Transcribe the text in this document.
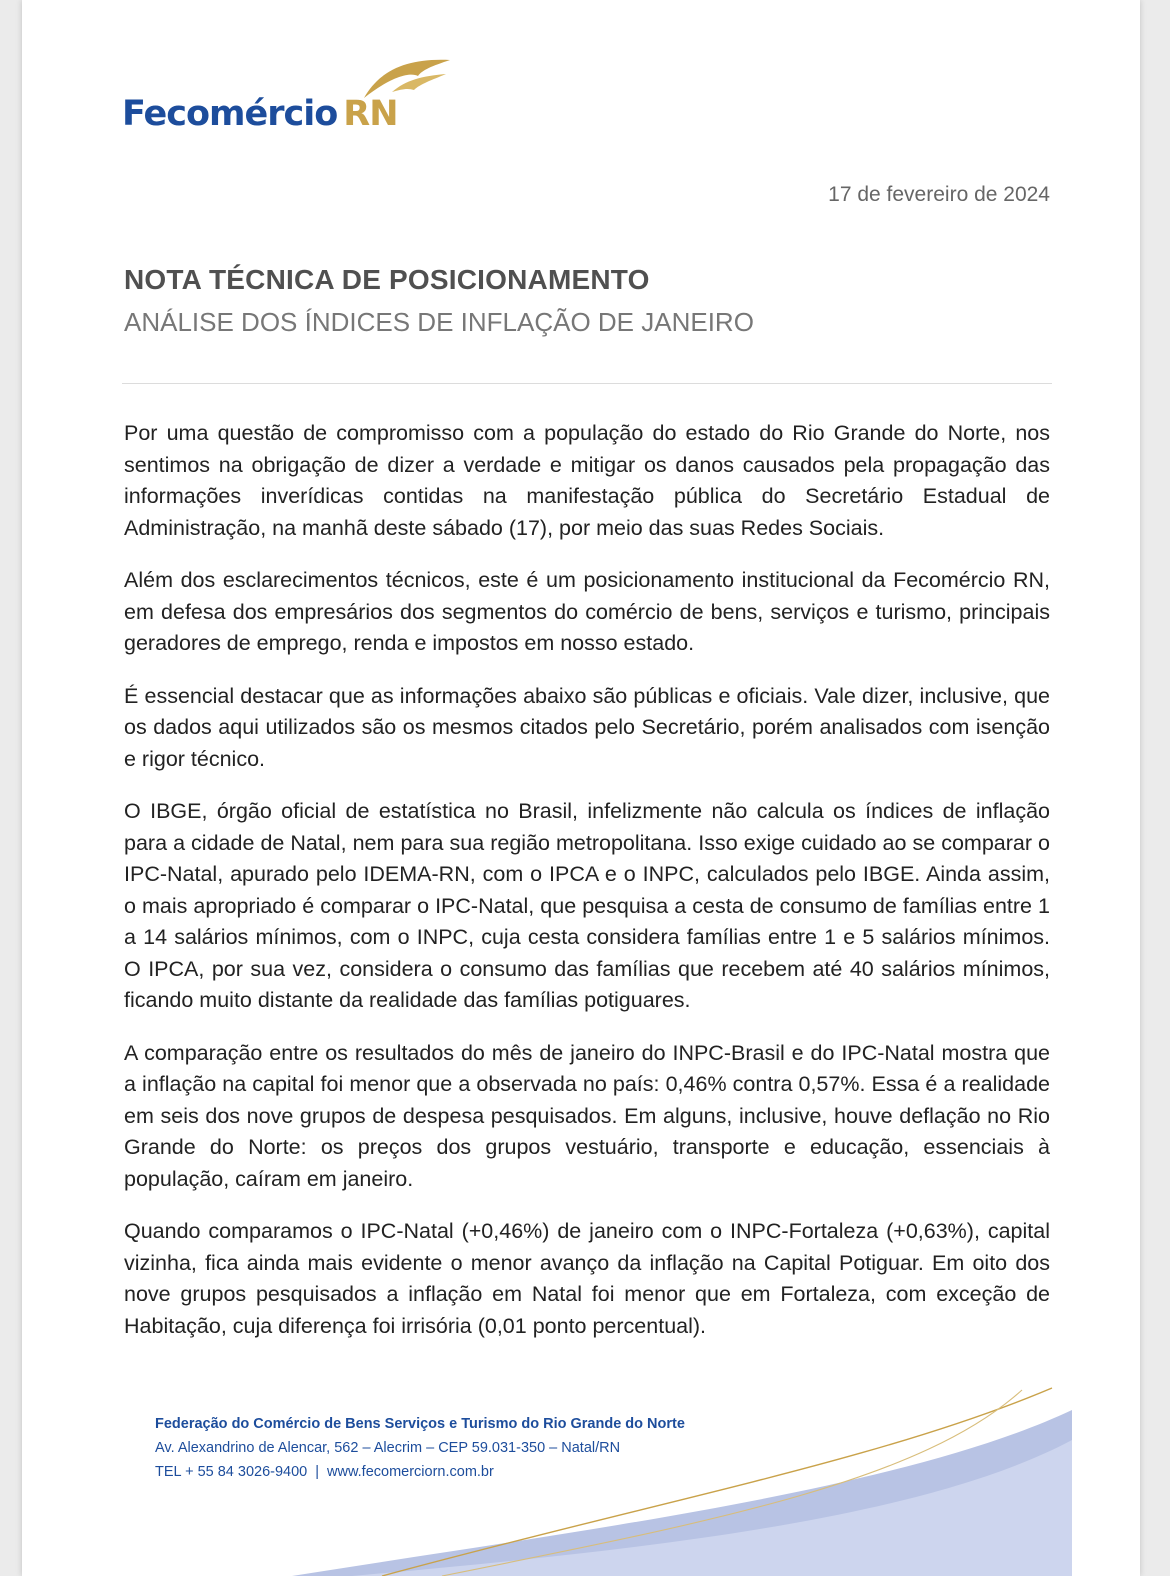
Fecomércio RN
17 de fevereiro de 2024
NOTA TÉCNICA DE POSICIONAMENTO
ANÁLISE DOS ÍNDICES DE INFLAÇÃO DE JANEIRO

Por uma questão de compromisso com a população do estado do Rio Grande do Norte, nos sentimos na obrigação de dizer a verdade e mitigar os danos causados pela propagação das informações inverídicas contidas na manifestação pública do Secretário Estadual de Administração, na manhã deste sábado (17), por meio das suas Redes Sociais.

Além dos esclarecimentos técnicos, este é um posicionamento institucional da Fecomércio RN, em defesa dos empresários dos segmentos do comércio de bens, serviços e turismo, principais geradores de emprego, renda e impostos em nosso estado.

É essencial destacar que as informações abaixo são públicas e oficiais. Vale dizer, inclusive, que os dados aqui utilizados são os mesmos citados pelo Secretário, porém analisados com isenção e rigor técnico.

O IBGE, órgão oficial de estatística no Brasil, infelizmente não calcula os índices de inflação para a cidade de Natal, nem para sua região metropolitana. Isso exige cuidado ao se comparar o IPC-Natal, apurado pelo IDEMA-RN, com o IPCA e o INPC, calculados pelo IBGE. Ainda assim, o mais apropriado é comparar o IPC-Natal, que pesquisa a cesta de consumo de famílias entre 1 a 14 salários mínimos, com o INPC, cuja cesta considera famílias entre 1 e 5 salários mínimos. O IPCA, por sua vez, considera o consumo das famílias que recebem até 40 salários mínimos, ficando muito distante da realidade das famílias potiguares.

A comparação entre os resultados do mês de janeiro do INPC-Brasil e do IPC-Natal mostra que a inflação na capital foi menor que a observada no país: 0,46% contra 0,57%. Essa é a realidade em seis dos nove grupos de despesa pesquisados. Em alguns, inclusive, houve deflação no Rio Grande do Norte: os preços dos grupos vestuário, transporte e educação, essenciais à população, caíram em janeiro.

Quando comparamos o IPC-Natal (+0,46%) de janeiro com o INPC-Fortaleza (+0,63%), capital vizinha, fica ainda mais evidente o menor avanço da inflação na Capital Potiguar. Em oito dos nove grupos pesquisados a inflação em Natal foi menor que em Fortaleza, com exceção de Habitação, cuja diferença foi irrisória (0,01 ponto percentual).

Federação do Comércio de Bens Serviços e Turismo do Rio Grande do Norte
Av. Alexandrino de Alencar, 562 – Alecrim – CEP 59.031-350 – Natal/RN
TEL + 55 84 3026-9400 | www.fecomerciorn.com.br
